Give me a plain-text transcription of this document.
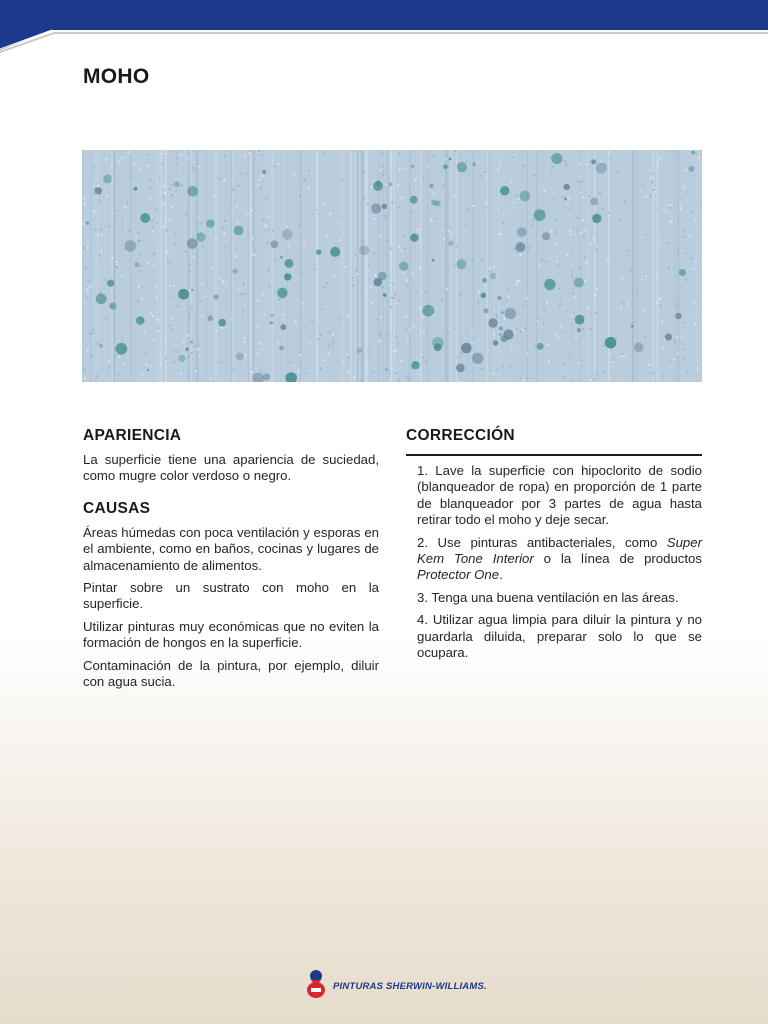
MOHO
APARIENCIA

La superficie tiene una apariencia de suciedad, como mugre color verdoso o negro.

CAUSAS

Áreas húmedas con poca ventilación y esporas en el ambiente, como en baños, cocinas y lugares de almacenamiento de alimentos.

Pintar sobre un sustrato con moho en la superficie.

Utilizar pinturas muy económicas que no eviten la formación de hongos en la superficie.

Contaminación de la pintura, por ejemplo, diluir con agua sucia.

CORRECCIÓN

1. Lave la superficie con hipoclorito de sodio (blanqueador de ropa) en proporción de 1 parte de blanqueador por 3 partes de agua hasta retirar todo el moho y deje secar.

2. Use pinturas antibacteriales, como Super Kem Tone Interior o la línea de productos Protector One.

3. Tenga una buena ventilación en las áreas.

4. Utilizar agua limpia para diluir la pintura y no guardarla diluida, preparar solo lo que se ocupara.

PINTURAS SHERWIN-WILLIAMS.
